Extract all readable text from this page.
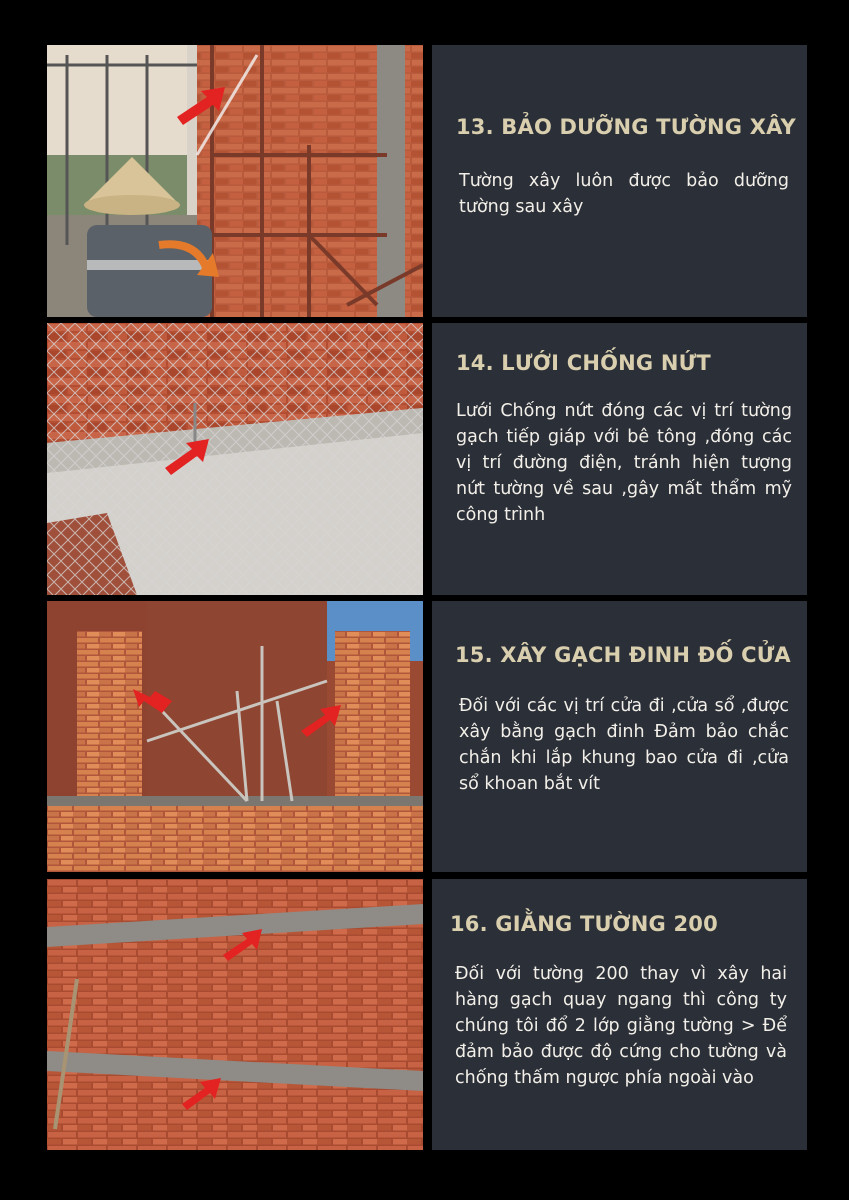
13. BẢO DƯỠNG TƯỜNG XÂY

Tường xây luôn được bảo dưỡng tường sau xây

14. LƯỚI CHỐNG NỨT

Lưới Chống nứt đóng các vị trí tường gạch tiếp giáp với bê tông ,đóng các vị trí đường điện, tránh hiện tượng nứt tường về sau ,gây mất thẩm mỹ công trình

15. XÂY GẠCH ĐINH ĐỐ CỬA

Đối với các vị trí cửa đi ,cửa sổ ,được xây bằng gạch đinh Đảm bảo chắc chắn khi lắp khung bao cửa đi ,cửa sổ khoan bắt vít

16. GIẰNG TƯỜNG 200

Đối với tường 200 thay vì xây hai hàng gạch quay ngang thì công ty chúng tôi đổ 2 lớp giằng tường > Để đảm bảo được độ cứng cho tường và chống thấm ngược phía ngoài vào
